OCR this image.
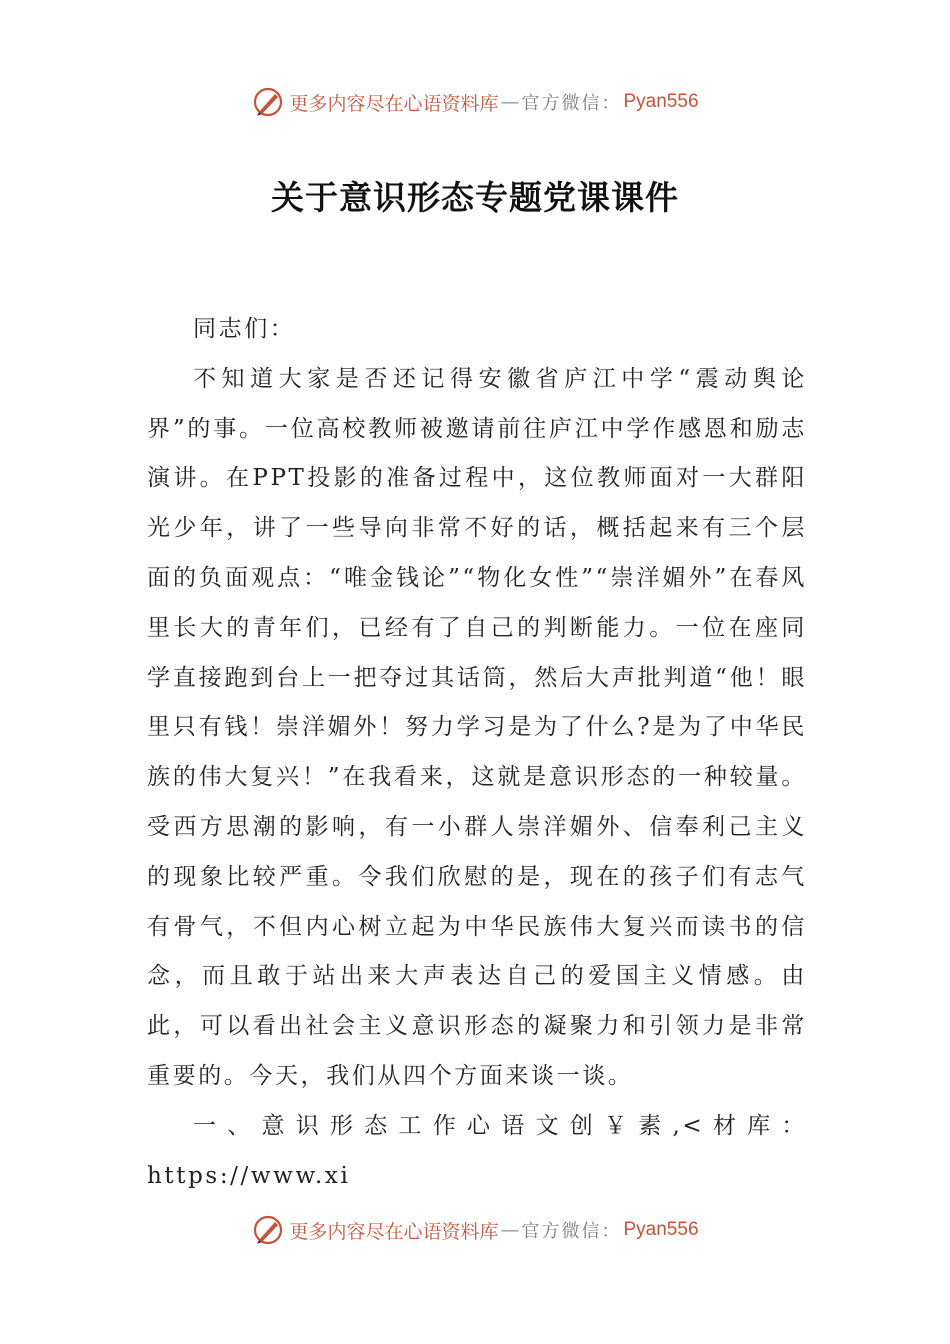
更多内容尽在心语资料库 — 官方微信： Pyan556
关于意识形态专题党课课件

同志们：

不知道大家是否还记得安徽省庐江中学“震动舆论界”的事。一位高校教师被邀请前往庐江中学作感恩和励志演讲。在PPT投影的准备过程中，这位教师面对一大群阳光少年，讲了一些导向非常不好的话，概括起来有三个层面的负面观点：“唯金钱论”“物化女性”“崇洋媚外”在春风里长大的青年们，已经有了自己的判断能力。一位在座同学直接跑到台上一把夺过其话筒，然后大声批判道“他！眼里只有钱！崇洋媚外！努力学习是为了什么?是为了中华民族的伟大复兴！”在我看来，这就是意识形态的一种较量。受西方思潮的影响，有一小群人崇洋媚外、信奉利己主义的现象比较严重。令我们欣慰的是，现在的孩子们有志气有骨气，不但内心树立起为中华民族伟大复兴而读书的信念，而且敢于站出来大声表达自己的爱国主义情感。由此，可以看出社会主义意识形态的凝聚力和引领力是非常重要的。今天，我们从四个方面来谈一谈。

一、意识形态工作心语文创￥素,<材库：https://www.xi

更多内容尽在心语资料库 — 官方微信： Pyan556
